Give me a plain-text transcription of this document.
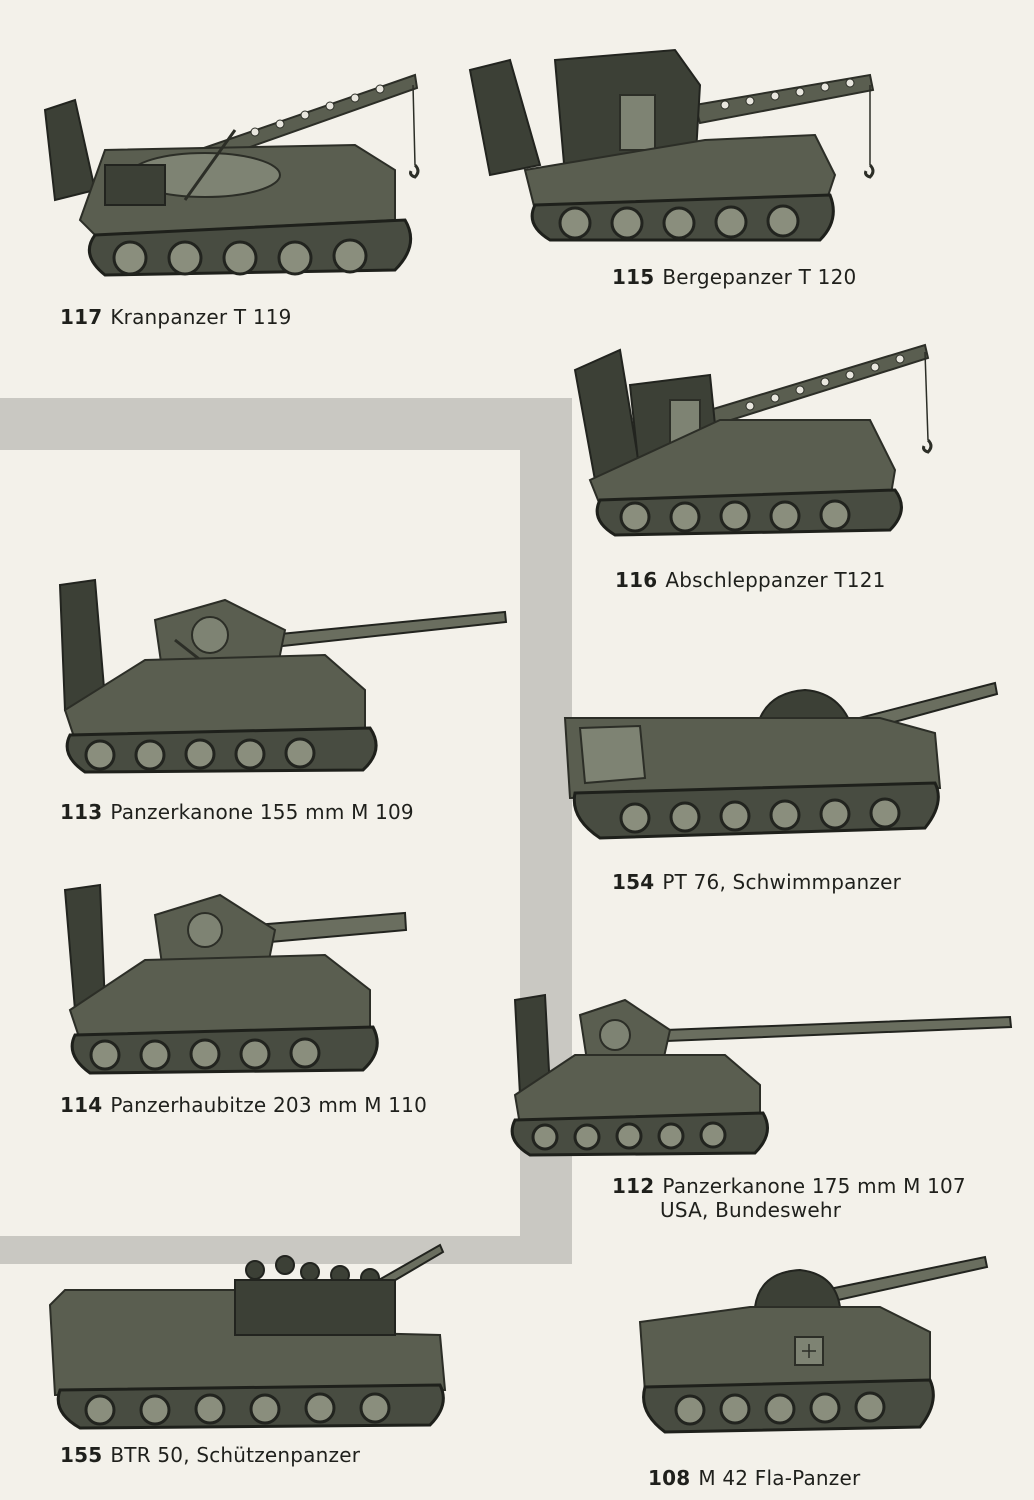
117 Kranpanzer T 119
115 Bergepanzer T 120
116 Abschleppanzer T121
113 Panzerkanone 155 mm M 109
154 PT 76, Schwimmpanzer
114 Panzerhaubitze 203 mm M 110
112 Panzerkanone 175 mm M 107
USA, Bundeswehr
155 BTR 50, Schützenpanzer
108 M 42 Fla-Panzer
